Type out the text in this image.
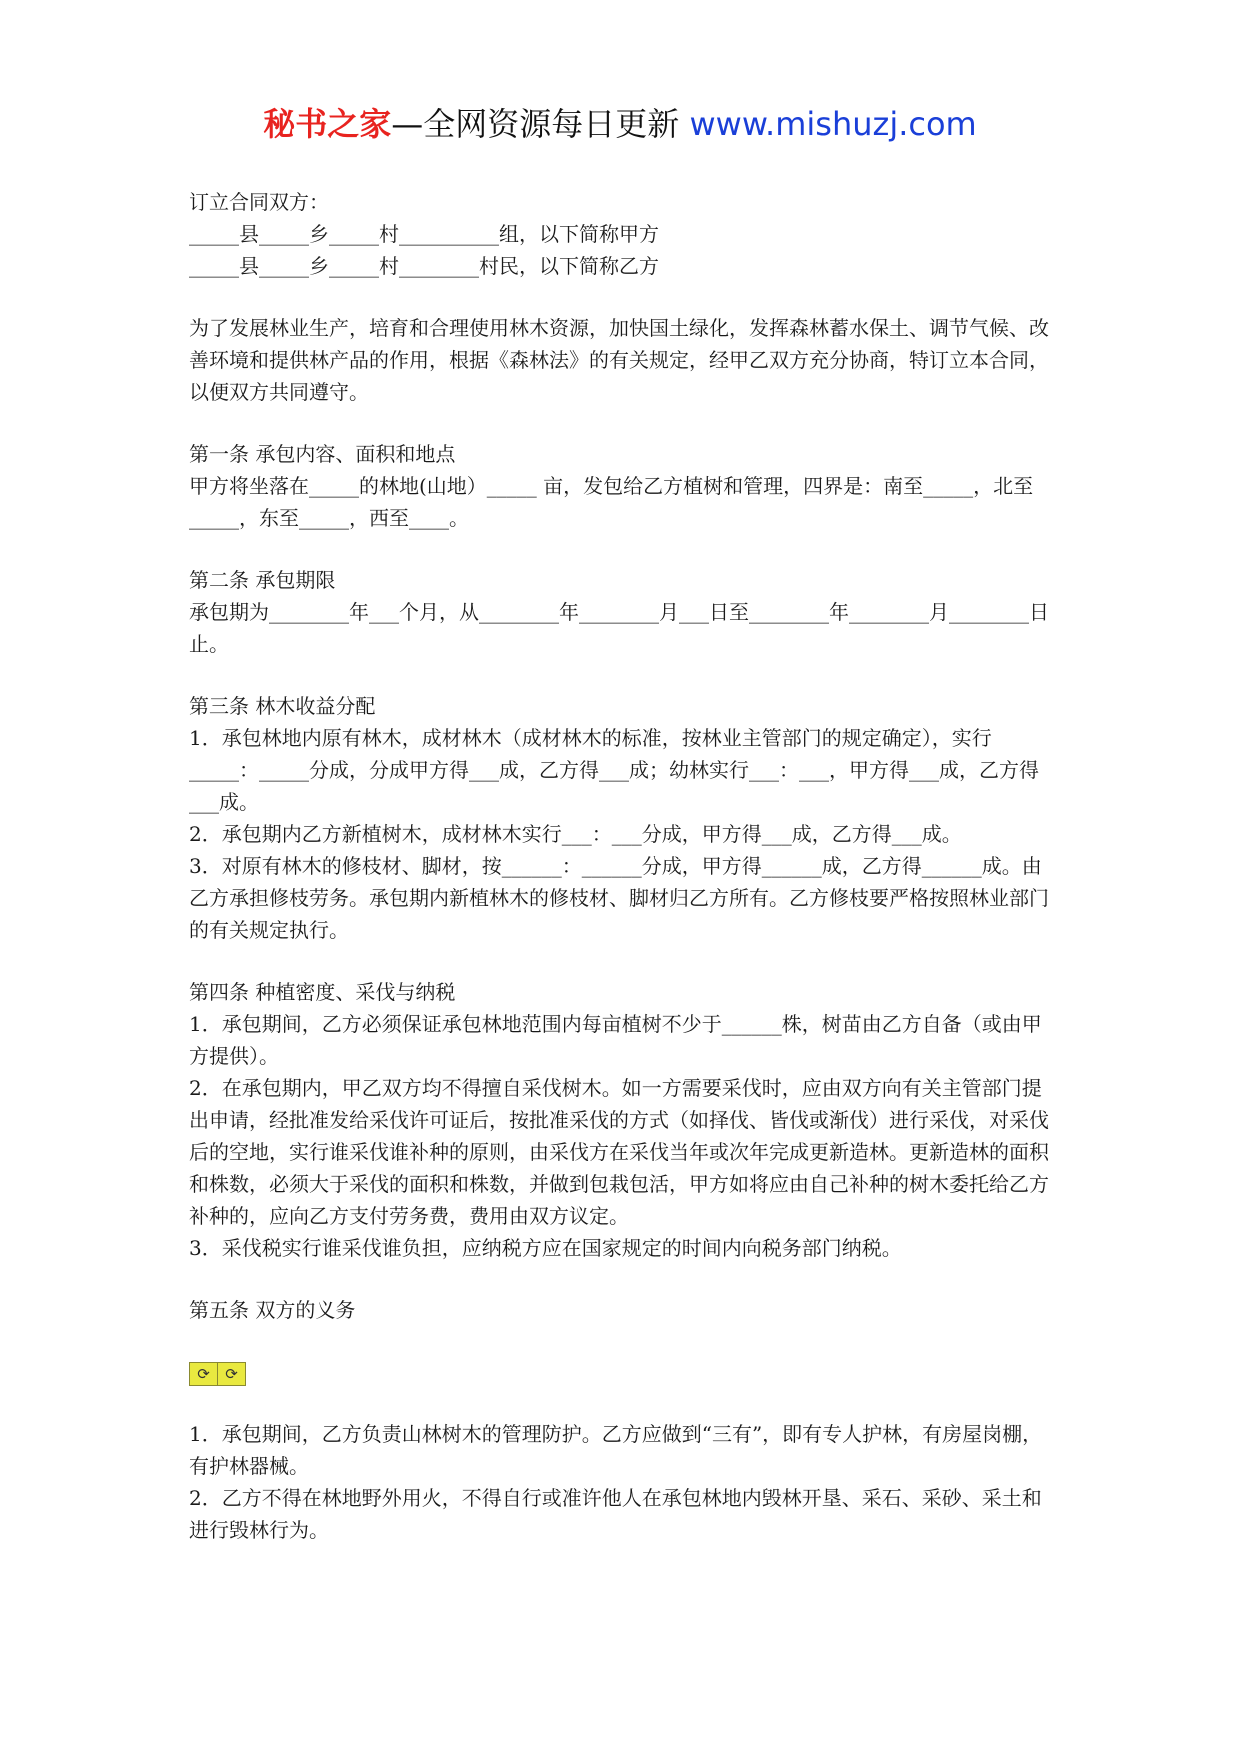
秘书之家—全网资源每日更新 www.mishuzj.com

订立合同双方：

_____县_____乡_____村__________组，以下简称甲方

_____县_____乡_____村________村民，以下简称乙方

为了发展林业生产，培育和合理使用林木资源，加快国土绿化，发挥森林蓄水保土、调节气候、改善环境和提供林产品的作用，根据《森林法》的有关规定，经甲乙双方充分协商，特订立本合同，以便双方共同遵守。

第一条 承包内容、面积和地点

甲方将坐落在_____的林地(山地）_____ 亩，发包给乙方植树和管理，四界是：南至_____，北至_____，东至_____，西至____。

第二条 承包期限

承包期为________年___个月，从________年________月___日至________年________月________日止。

第三条 林木收益分配

1．承包林地内原有林木，成材林木（成材林木的标准，按林业主管部门的规定确定），实行_____：_____分成，分成甲方得___成，乙方得___成；幼林实行___：___，甲方得___成，乙方得___成。

2．承包期内乙方新植树木，成材林木实行___：___分成，甲方得___成，乙方得___成。

3．对原有林木的修枝材、脚材，按______：______分成，甲方得______成，乙方得______成。由乙方承担修枝劳务。承包期内新植林木的修枝材、脚材归乙方所有。乙方修枝要严格按照林业部门的有关规定执行。

第四条 种植密度、采伐与纳税

1．承包期间，乙方必须保证承包林地范围内每亩植树不少于______株，树苗由乙方自备（或由甲方提供）。

2．在承包期内，甲乙双方均不得擅自采伐树木。如一方需要采伐时，应由双方向有关主管部门提出申请，经批准发给采伐许可证后，按批准采伐的方式（如择伐、皆伐或渐伐）进行采伐，对采伐后的空地，实行谁采伐谁补种的原则，由采伐方在采伐当年或次年完成更新造林。更新造林的面积和株数，必须大于采伐的面积和株数，并做到包栽包活，甲方如将应由自己补种的树木委托给乙方补种的，应向乙方支付劳务费，费用由双方议定。

3．采伐税实行谁采伐谁负担，应纳税方应在国家规定的时间内向税务部门纳税。

第五条 双方的义务

⟳	⟳

1．承包期间，乙方负责山林树木的管理防护。乙方应做到“三有”，即有专人护林，有房屋岗棚，有护林器械。

2．乙方不得在林地野外用火，不得自行或准许他人在承包林地内毁林开垦、采石、采砂、采土和进行毁林行为。
